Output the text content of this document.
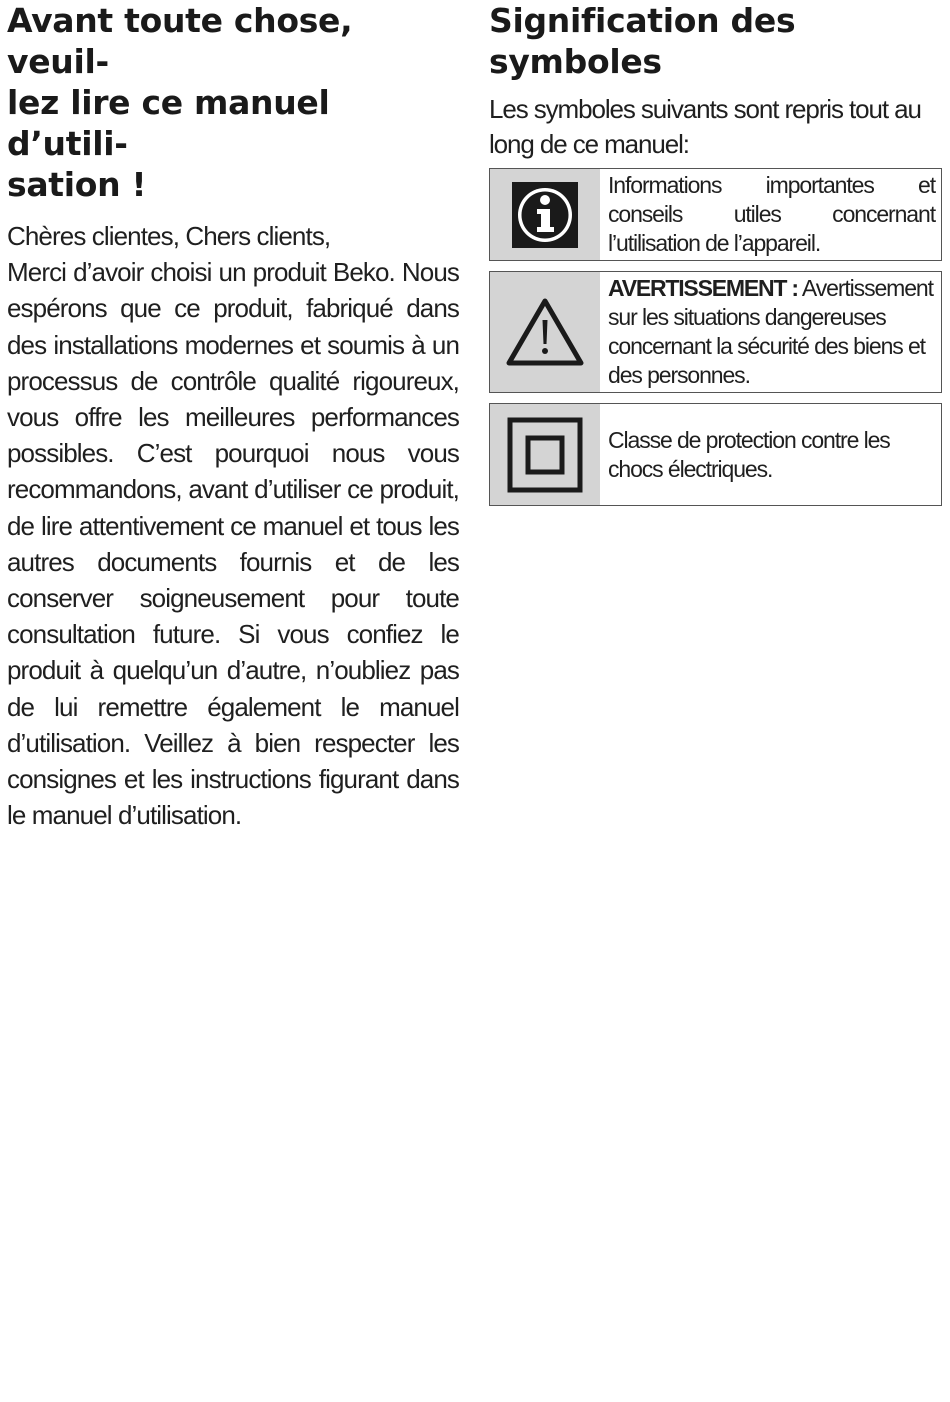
Avant toute chose, veuil-
lez lire ce manuel d’utili-
sation !

Chères clientes, Chers clients,

Merci d’avoir choisi un produit Beko. Nous espérons que ce produit, fabriqué dans des installations modernes et soumis à un processus de contrôle qualité rigoureux, vous offre les meilleures performances possibles. C’est pourquoi nous vous recommandons, avant d’utiliser ce produit, de lire attentivement ce manuel et tous les autres documents fournis et de les conserver soigneusement pour toute consultation future. Si vous confiez le produit à quelqu’un d’autre, n’oubliez pas de lui remettre également le manuel d’utilisation. Veillez à bien respecter les consignes et les instructions figurant dans le manuel d’utilisation.

Signification des symboles

Les symboles suivants sont repris tout au long de ce manuel:

Informations importantes et conseils utiles concernant l’utilisation de l’appareil.
AVERTISSEMENT : Avertissement sur les situations dangereuses concernant la sécurité des biens et des personnes.
Classe de protection contre les chocs électriques.
